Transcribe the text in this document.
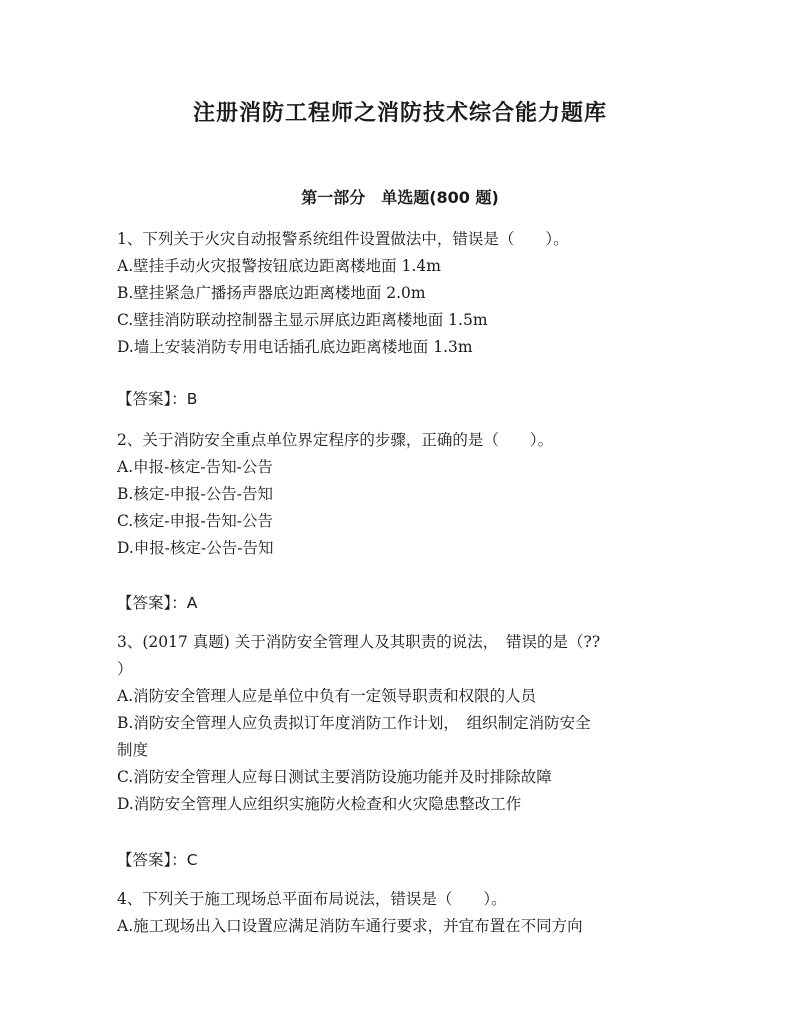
注册消防工程师之消防技术综合能力题库
第一部分　单选题(800 题)
1、下列关于火灾自动报警系统组件设置做法中，错误是（　　）。
A.壁挂手动火灾报警按钮底边距离楼地面 1.4m
B.壁挂紧急广播扬声器底边距离楼地面 2.0m
C.壁挂消防联动控制器主显示屏底边距离楼地面 1.5m
D.墙上安装消防专用电话插孔底边距离楼地面 1.3m
【答案】：B
2、关于消防安全重点单位界定程序的步骤，正确的是（　　）。
A.申报-核定-告知-公告
B.核定-申报-公告-告知
C.核定-申报-告知-公告
D.申报-核定-公告-告知
【答案】：A
3、(2017 真题) 关于消防安全管理人及其职责的说法，　错误的是（??
）
A.消防安全管理人应是单位中负有一定领导职责和权限的人员
B.消防安全管理人应负责拟订年度消防工作计划，　组织制定消防安全
制度
C.消防安全管理人应每日测试主要消防设施功能并及时排除故障
D.消防安全管理人应组织实施防火检查和火灾隐患整改工作
【答案】：C
4、下列关于施工现场总平面布局说法，错误是（　　）。
A.施工现场出入口设置应满足消防车通行要求，并宜布置在不同方向
